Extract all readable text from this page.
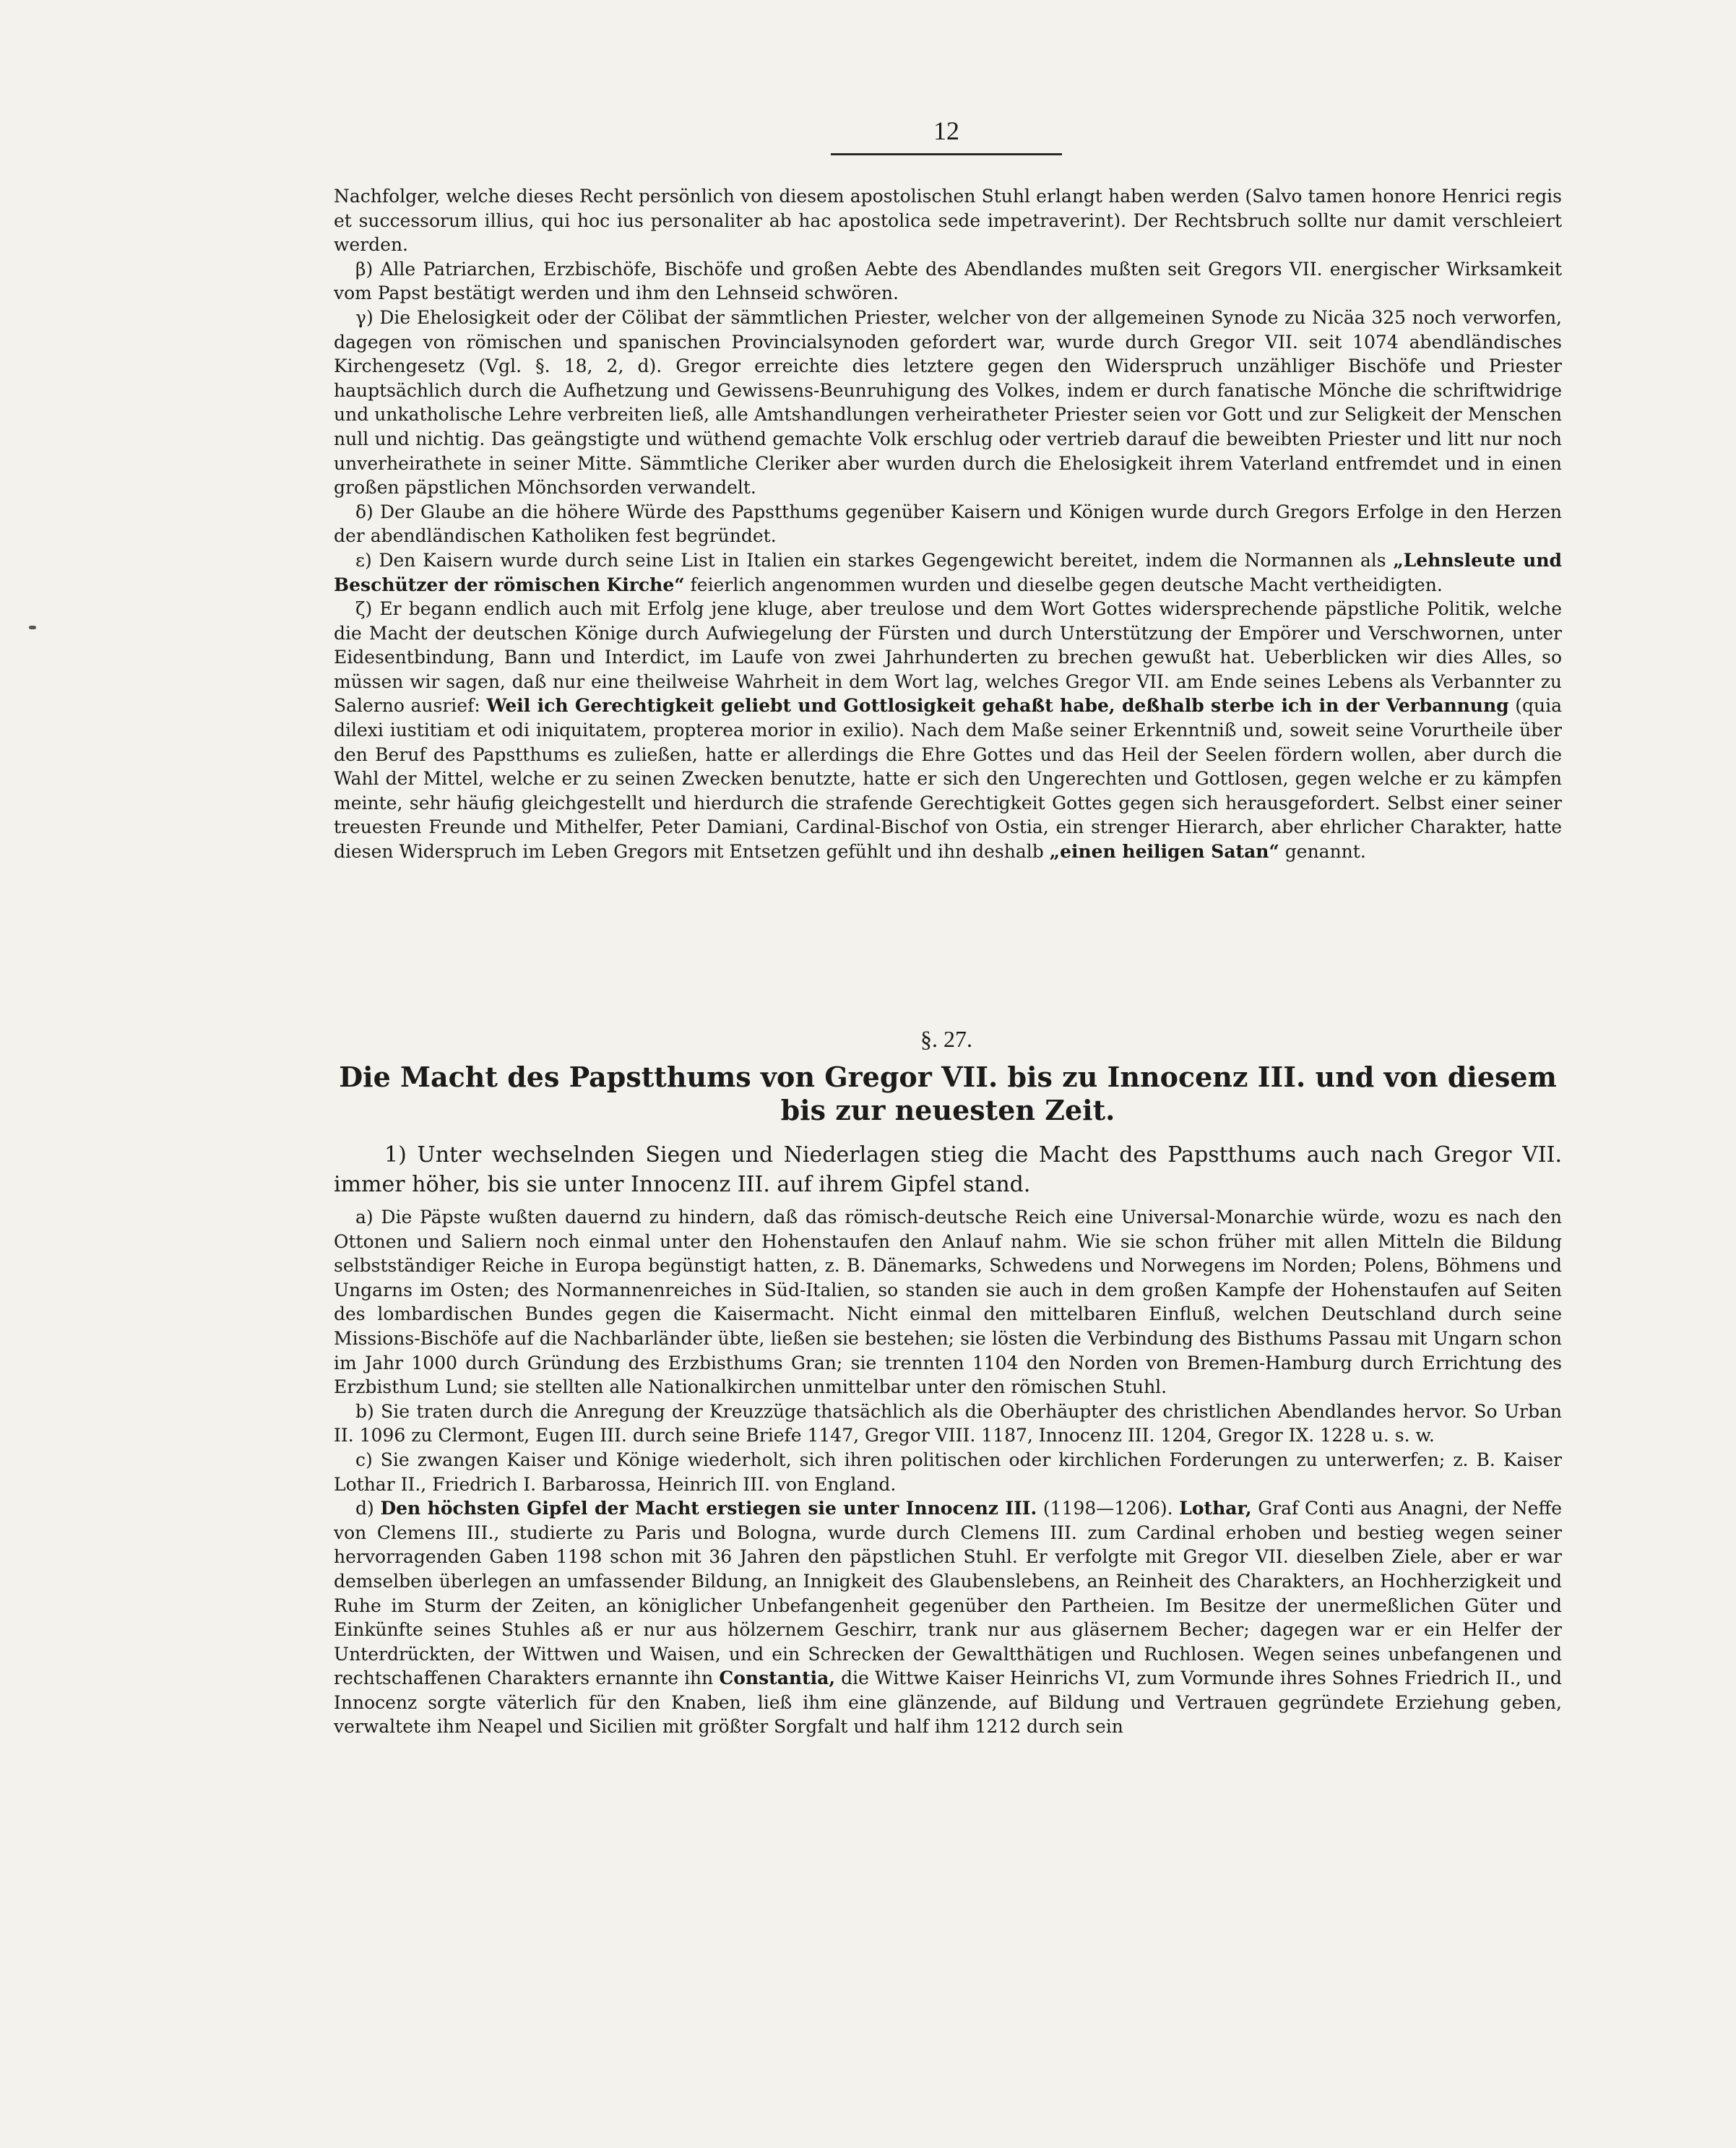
12

Nachfolger, welche dieses Recht persönlich von diesem apostolischen Stuhl erlangt haben werden (Salvo tamen honore Henrici regis et successorum illius, qui hoc ius personaliter ab hac apostolica sede impetraverint). Der Rechtsbruch sollte nur damit verschleiert werden.

β) Alle Patriarchen, Erzbischöfe, Bischöfe und großen Aebte des Abendlandes mußten seit Gregors VII. energischer Wirksamkeit vom Papst bestätigt werden und ihm den Lehnseid schwören.

γ) Die Ehelosigkeit oder der Cölibat der sämmtlichen Priester, welcher von der allgemeinen Synode zu Nicäa 325 noch verworfen, dagegen von römischen und spanischen Provincialsynoden gefordert war, wurde durch Gregor VII. seit 1074 abendländisches Kirchengesetz (Vgl. §. 18, 2, d). Gregor erreichte dies letztere gegen den Widerspruch unzähliger Bischöfe und Priester hauptsächlich durch die Aufhetzung und Gewissens-Beunruhigung des Volkes, indem er durch fanatische Mönche die schriftwidrige und unkatholische Lehre verbreiten ließ, alle Amtshandlungen verheiratheter Priester seien vor Gott und zur Seligkeit der Menschen null und nichtig. Das geängstigte und wüthend gemachte Volk erschlug oder vertrieb darauf die beweibten Priester und litt nur noch unverheirathete in seiner Mitte. Sämmtliche Cleriker aber wurden durch die Ehelosigkeit ihrem Vaterland entfremdet und in einen großen päpstlichen Mönchsorden verwandelt.

δ) Der Glaube an die höhere Würde des Papstthums gegenüber Kaisern und Königen wurde durch Gregors Erfolge in den Herzen der abendländischen Katholiken fest begründet.

ε) Den Kaisern wurde durch seine List in Italien ein starkes Gegengewicht bereitet, indem die Normannen als „Lehnsleute und Beschützer der römischen Kirche“ feierlich angenommen wurden und dieselbe gegen deutsche Macht vertheidigten.

ζ) Er begann endlich auch mit Erfolg jene kluge, aber treulose und dem Wort Gottes widersprechende päpstliche Politik, welche die Macht der deutschen Könige durch Aufwiegelung der Fürsten und durch Unterstützung der Empörer und Verschwornen, unter Eidesentbindung, Bann und Interdict, im Laufe von zwei Jahrhunderten zu brechen gewußt hat. Ueberblicken wir dies Alles, so müssen wir sagen, daß nur eine theilweise Wahrheit in dem Wort lag, welches Gregor VII. am Ende seines Lebens als Verbannter zu Salerno ausrief: Weil ich Gerechtigkeit geliebt und Gottlosigkeit gehaßt habe, deßhalb sterbe ich in der Verbannung (quia dilexi iustitiam et odi iniquitatem, propterea morior in exilio). Nach dem Maße seiner Erkenntniß und, soweit seine Vorurtheile über den Beruf des Papstthums es zuließen, hatte er allerdings die Ehre Gottes und das Heil der Seelen fördern wollen, aber durch die Wahl der Mittel, welche er zu seinen Zwecken benutzte, hatte er sich den Ungerechten und Gottlosen, gegen welche er zu kämpfen meinte, sehr häufig gleichgestellt und hierdurch die strafende Gerechtigkeit Gottes gegen sich herausgefordert. Selbst einer seiner treuesten Freunde und Mithelfer, Peter Damiani, Cardinal-Bischof von Ostia, ein strenger Hierarch, aber ehrlicher Charakter, hatte diesen Widerspruch im Leben Gregors mit Entsetzen gefühlt und ihn deshalb „einen heiligen Satan“ genannt.

§. 27.
Die Macht des Papstthums von Gregor VII. bis zu Innocenz III. und von diesem bis zur neuesten Zeit.

1) Unter wechselnden Siegen und Niederlagen stieg die Macht des Papstthums auch nach Gregor VII. immer höher, bis sie unter Innocenz III. auf ihrem Gipfel stand.

a) Die Päpste wußten dauernd zu hindern, daß das römisch-deutsche Reich eine Universal-Monarchie würde, wozu es nach den Ottonen und Saliern noch einmal unter den Hohenstaufen den Anlauf nahm. Wie sie schon früher mit allen Mitteln die Bildung selbstständiger Reiche in Europa begünstigt hatten, z. B. Dänemarks, Schwedens und Norwegens im Norden; Polens, Böhmens und Ungarns im Osten; des Normannenreiches in Süd-Italien, so standen sie auch in dem großen Kampfe der Hohenstaufen auf Seiten des lombardischen Bundes gegen die Kaisermacht. Nicht einmal den mittelbaren Einfluß, welchen Deutschland durch seine Missions-Bischöfe auf die Nachbarländer übte, ließen sie bestehen; sie lösten die Verbindung des Bisthums Passau mit Ungarn schon im Jahr 1000 durch Gründung des Erzbisthums Gran; sie trennten 1104 den Norden von Bremen-Hamburg durch Errichtung des Erzbisthum Lund; sie stellten alle Nationalkirchen unmittelbar unter den römischen Stuhl.

b) Sie traten durch die Anregung der Kreuzzüge thatsächlich als die Oberhäupter des christlichen Abendlandes hervor. So Urban II. 1096 zu Clermont, Eugen III. durch seine Briefe 1147, Gregor VIII. 1187, Innocenz III. 1204, Gregor IX. 1228 u. s. w.

c) Sie zwangen Kaiser und Könige wiederholt, sich ihren politischen oder kirchlichen Forderungen zu unterwerfen; z. B. Kaiser Lothar II., Friedrich I. Barbarossa, Heinrich III. von England.

d) Den höchsten Gipfel der Macht erstiegen sie unter Innocenz III. (1198—1206). Lothar, Graf Conti aus Anagni, der Neffe von Clemens III., studierte zu Paris und Bologna, wurde durch Clemens III. zum Cardinal erhoben und bestieg wegen seiner hervorragenden Gaben 1198 schon mit 36 Jahren den päpstlichen Stuhl. Er verfolgte mit Gregor VII. dieselben Ziele, aber er war demselben überlegen an umfassender Bildung, an Innigkeit des Glaubenslebens, an Reinheit des Charakters, an Hochherzigkeit und Ruhe im Sturm der Zeiten, an königlicher Unbefangenheit gegenüber den Partheien. Im Besitze der unermeßlichen Güter und Einkünfte seines Stuhles aß er nur aus hölzernem Geschirr, trank nur aus gläsernem Becher; dagegen war er ein Helfer der Unterdrückten, der Wittwen und Waisen, und ein Schrecken der Gewaltthätigen und Ruchlosen. Wegen seines unbefangenen und rechtschaffenen Charakters ernannte ihn Constantia, die Wittwe Kaiser Heinrichs VI, zum Vormunde ihres Sohnes Friedrich II., und Innocenz sorgte väterlich für den Knaben, ließ ihm eine glänzende, auf Bildung und Vertrauen gegründete Erziehung geben, verwaltete ihm Neapel und Sicilien mit größter Sorgfalt und half ihm 1212 durch sein
